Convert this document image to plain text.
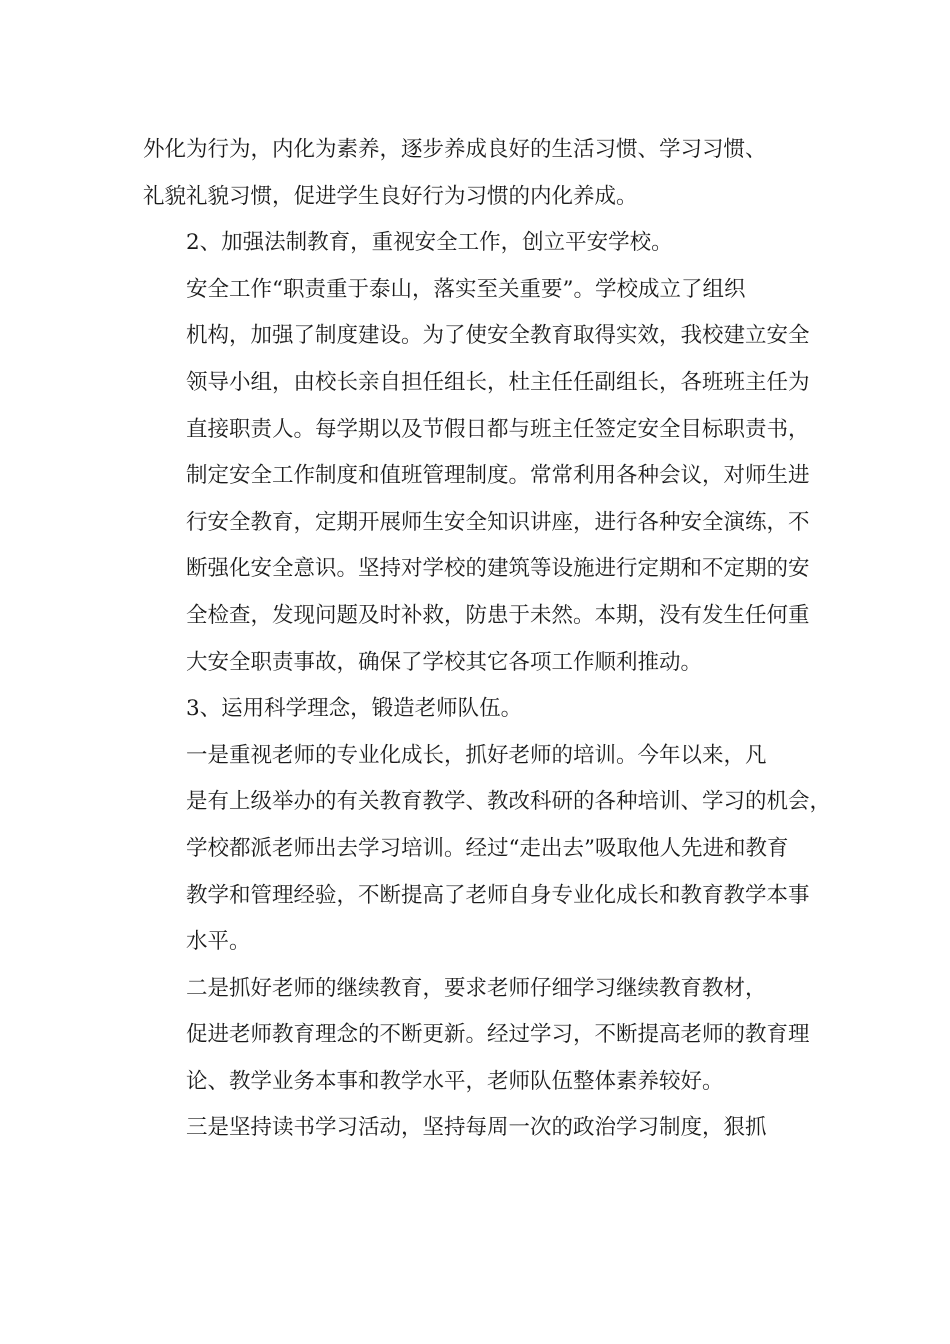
外化为行为，内化为素养，逐步养成良好的生活习惯、学习习惯、
礼貌礼貌习惯，促进学生良好行为习惯的内化养成。

2、加强法制教育，重视安全工作，创立平安学校。

安全工作“职责重于泰山，落实至关重要”。学校成立了组织
机构，加强了制度建设。为了使安全教育取得实效，我校建立安全
领导小组，由校长亲自担任组长，杜主任任副组长，各班班主任为
直接职责人。每学期以及节假日都与班主任签定安全目标职责书，
制定安全工作制度和值班管理制度。常常利用各种会议，对师生进
行安全教育，定期开展师生安全知识讲座，进行各种安全演练，不
断强化安全意识。坚持对学校的建筑等设施进行定期和不定期的安
全检查，发现问题及时补救，防患于未然。本期，没有发生任何重
大安全职责事故，确保了学校其它各项工作顺利推动。

3、运用科学理念，锻造老师队伍。

一是重视老师的专业化成长，抓好老师的培训。今年以来，凡
是有上级举办的有关教育教学、教改科研的各种培训、学习的机会，
学校都派老师出去学习培训。经过“走出去”吸取他人先进和教育
教学和管理经验，不断提高了老师自身专业化成长和教育教学本事
水平。

二是抓好老师的继续教育，要求老师仔细学习继续教育教材，
促进老师教育理念的不断更新。经过学习，不断提高老师的教育理
论、教学业务本事和教学水平，老师队伍整体素养较好。

三是坚持读书学习活动，坚持每周一次的政治学习制度，狠抓
